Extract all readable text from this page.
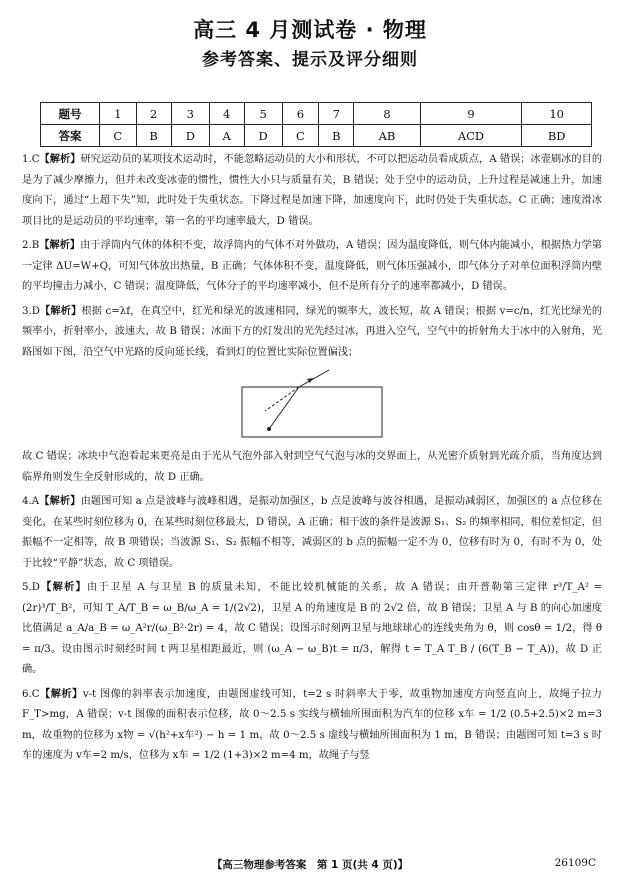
高三 4 月测试卷 · 物理
参考答案、提示及评分细则
题号	1	2	3	4	5	6	7	8	9	10
答案	C	B	D	A	D	C	B	AB	ACD	BD

1.C【解析】研究运动员的某项技术运动时，不能忽略运动员的大小和形状，不可以把运动员看成质点，A 错误；冰壶刷冰的目的是为了减少摩擦力，但并未改变冰壶的惯性，惯性大小只与质量有关，B 错误；处于空中的运动员，上升过程是减速上升，加速度向下，通过“上超下失”知，此时处于失重状态。下降过程是加速下降，加速度向下，此时仍处于失重状态，C 正确；速度滑冰项目比的是运动员的平均速率，第一名的平均速率最大，D 错误。

2.B【解析】由于浮筒内气体的体积不变，故浮筒内的气体不对外做功，A 错误；因为温度降低，则气体内能减小，根据热力学第一定律 ΔU=W+Q，可知气体放出热量，B 正确；气体体积不变，温度降低，则气体压强减小，即气体分子对单位面积浮筒内壁的平均撞击力减小，C 错误；温度降低，气体分子的平均速率减小，但不是所有分子的速率都减小，D 错误。

3.D【解析】根据 c=λf，在真空中，红光和绿光的波速相同，绿光的频率大，波长短，故 A 错误；根据 v=c/n，红光比绿光的频率小，折射率小，波速大，故 B 错误；冰面下方的灯发出的光先经过冰，再进入空气，空气中的折射角大于冰中的入射角，光路图如下图，沿空气中光路的反向延长线，看到灯的位置比实际位置偏浅；

故 C 错误；冰块中气泡看起来更亮是由于光从气泡外部入射到空气气泡与冰的交界面上，从光密介质射到光疏介质，当角度达到临界角则发生全反射形成的，故 D 正确。

4.A【解析】由题图可知 a 点是波峰与波峰相遇，是振动加强区，b 点是波峰与波谷相遇，是振动减弱区，加强区的 a 点位移在变化，在某些时刻位移为 0，在某些时刻位移最大，D 错误，A 正确；相干波的条件是波源 S₁、S₂ 的频率相同，相位差恒定，但振幅不一定相等，故 B 项错误；当波源 S₁、S₂ 振幅不相等，减弱区的 b 点的振幅一定不为 0，位移有时为 0，有时不为 0，处于比较“平静”状态，故 C 项错误。

5.D【解析】由于卫星 A 与卫星 B 的质量未知，不能比较机械能的关系，故 A 错误；由开普勒第三定律 r³/T_A² = (2r)³/T_B²，可知 T_A/T_B = ω_B/ω_A = 1/(2√2)，卫星 A 的角速度是 B 的 2√2 倍，故 B 错误；卫星 A 与 B 的向心加速度比值满足 a_A/a_B = ω_A²r/(ω_B²·2r) = 4，故 C 错误；设图示时刻两卫星与地球球心的连线夹角为 θ，则 cosθ = 1/2，得 θ = π/3。设由图示时刻经时间 t 两卫星相距最近，则 (ω_A − ω_B)t = π/3，解得 t = T_A T_B / (6(T_B − T_A))，故 D 正确。

6.C【解析】v-t 图像的斜率表示加速度，由题图虚线可知，t=2 s 时斜率大于零，故重物加速度方向竖直向上，故绳子拉力 F_T>mg，A 错误；v-t 图像的面积表示位移，故 0～2.5 s 实线与横轴所围面积为汽车的位移 x车 = 1/2 (0.5+2.5)×2 m=3 m，故重物的位移为 x物 = √(h²+x车²) − h = 1 m，故 0～2.5 s 虚线与横轴所围面积为 1 m，B 错误；由题图可知 t=3 s 时车的速度为 v车=2 m/s，位移为 x车 = 1/2 (1+3)×2 m=4 m，故绳子与竖

【高三物理参考答案　第 1 页(共 4 页)】	26109C
